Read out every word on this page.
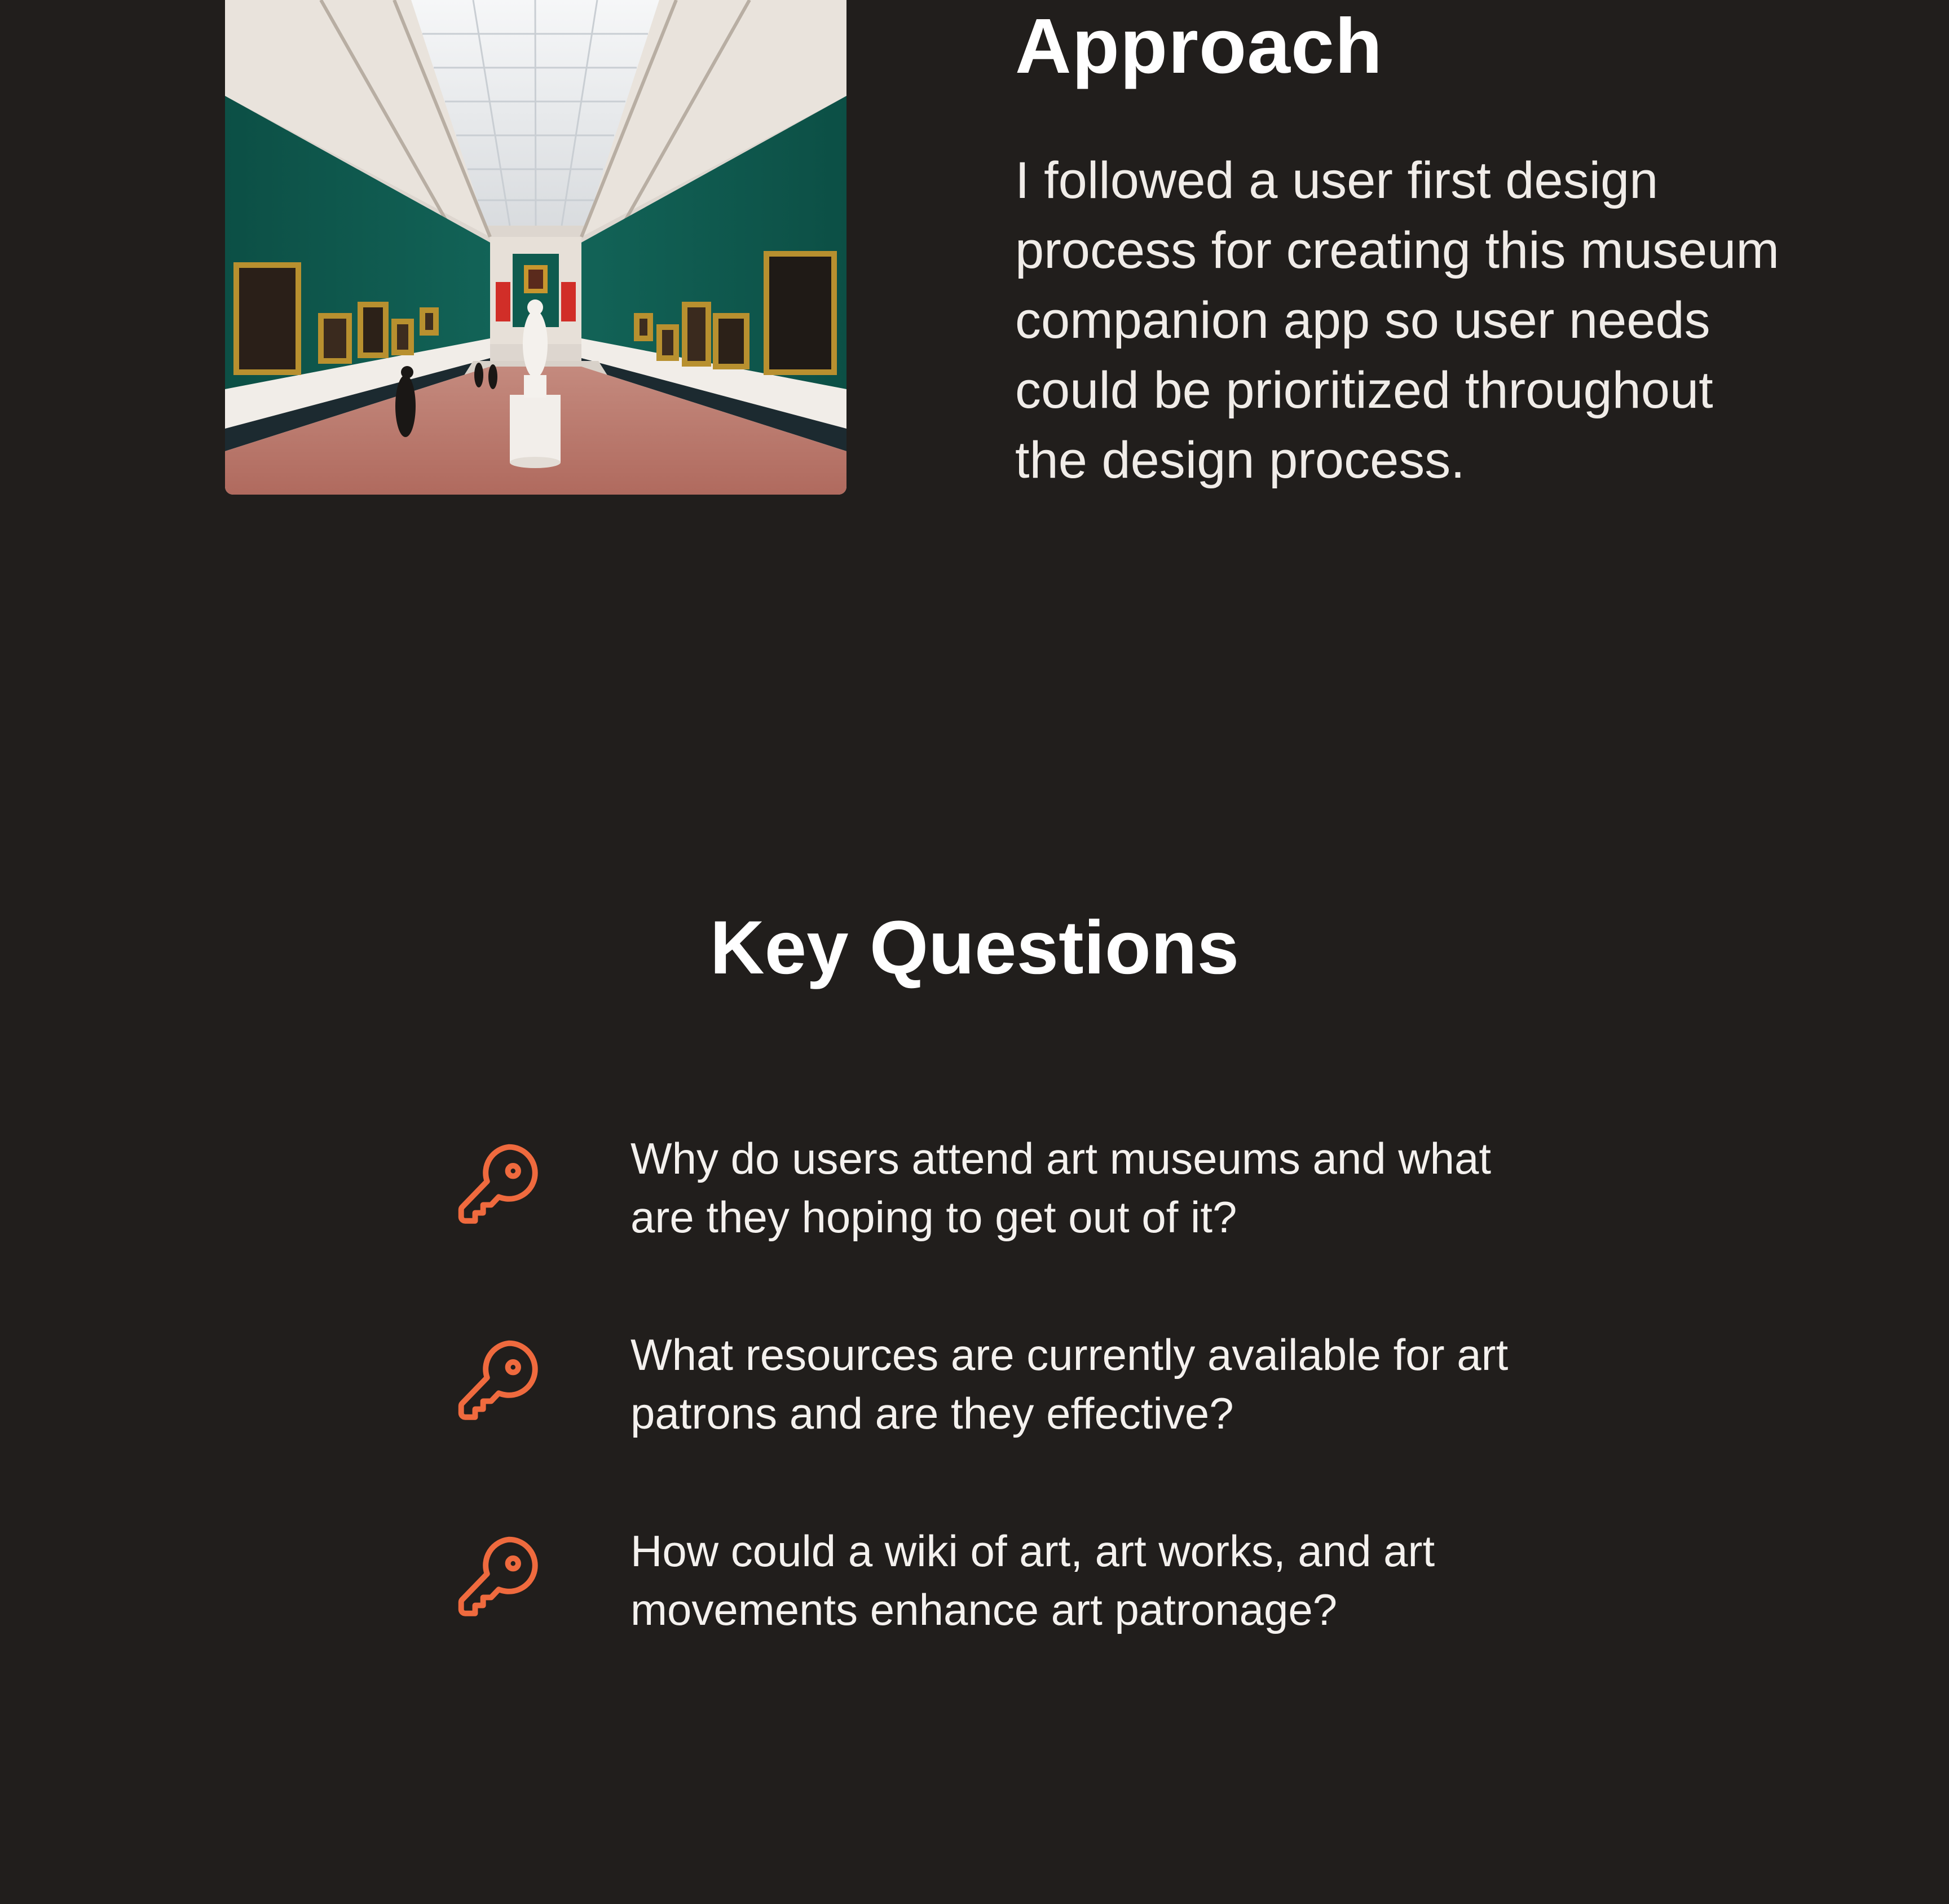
Approach

I followed a user first design process for creating this museum companion app so user needs could be prioritized throughout the design process.

Key Questions

Why do users attend art museums and what are they hoping to get out of it?

What resources are currently available for art patrons and are they effective?

How could a wiki of art, art works, and art movements enhance art patronage?
